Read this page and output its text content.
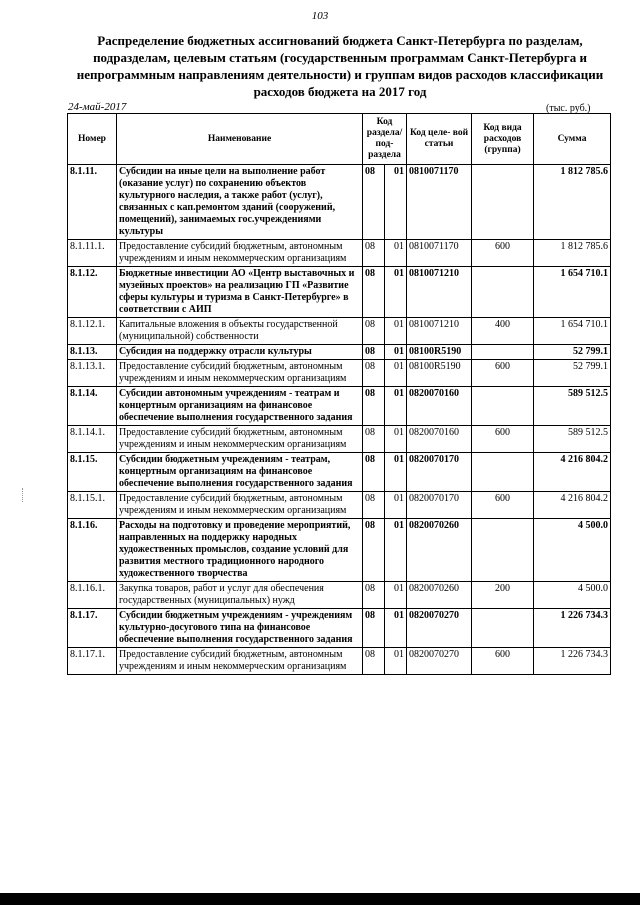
103
Распределение бюджетных ассигнований бюджета Санкт-Петербурга по разделам, подразделам, целевым статьям (государственным программам Санкт-Петербурга и непрограммным направлениям деятельности) и группам видов расходов классификации расходов бюджета на 2017 год
24-май-2017	(тыс. руб.)
Номер	Наименование	Код раздела/ под- раздела		Код целе- вой статьи	Код вида расходов (группа)	Сумма
8.1.11.	Субсидии на иные цели на выполнение работ (оказание услуг) по сохранению объектов культурного наследия, а также работ (услуг), связанных с кап.ремонтом зданий (сооружений, помещений), занимаемых гос.учреждениями культуры	08	01	0810071170		1 812 785.6
8.1.11.1.	Предоставление субсидий бюджетным, автономным учреждениям и иным некоммерческим организациям	08	01	0810071170	600	1 812 785.6
8.1.12.	Бюджетные инвестиции АО «Центр выставочных и музейных проектов» на реализацию ГП «Развитие сферы культуры и туризма в Санкт-Петербурге» в соответствии с АИП	08	01	0810071210		1 654 710.1
8.1.12.1.	Капитальные вложения в объекты государственной (муниципальной) собственности	08	01	0810071210	400	1 654 710.1
8.1.13.	Субсидия на поддержку отрасли культуры	08	01	08100R5190		52 799.1
8.1.13.1.	Предоставление субсидий бюджетным, автономным учреждениям и иным некоммерческим организациям	08	01	08100R5190	600	52 799.1
8.1.14.	Субсидии автономным учреждениям - театрам и концертным организациям на финансовое обеспечение выполнения государственного задания	08	01	0820070160		589 512.5
8.1.14.1.	Предоставление субсидий бюджетным, автономным учреждениям и иным некоммерческим организациям	08	01	0820070160	600	589 512.5
8.1.15.	Субсидии бюджетным учреждениям - театрам, концертным организациям на финансовое обеспечение выполнения государственного задания	08	01	0820070170		4 216 804.2
8.1.15.1.	Предоставление субсидий бюджетным, автономным учреждениям и иным некоммерческим организациям	08	01	0820070170	600	4 216 804.2
8.1.16.	Расходы на подготовку и проведение мероприятий, направленных на поддержку народных художественных промыслов, создание условий для развития местного традиционного народного художественного творчества	08	01	0820070260		4 500.0
8.1.16.1.	Закупка товаров, работ и услуг для обеспечения государственных (муниципальных) нужд	08	01	0820070260	200	4 500.0
8.1.17.	Субсидии бюджетным учреждениям - учреждениям культурно-досугового типа на финансовое обеспечение выполнения государственного задания	08	01	0820070270		1 226 734.3
8.1.17.1.	Предоставление субсидий бюджетным, автономным учреждениям и иным некоммерческим организациям	08	01	0820070270	600	1 226 734.3
